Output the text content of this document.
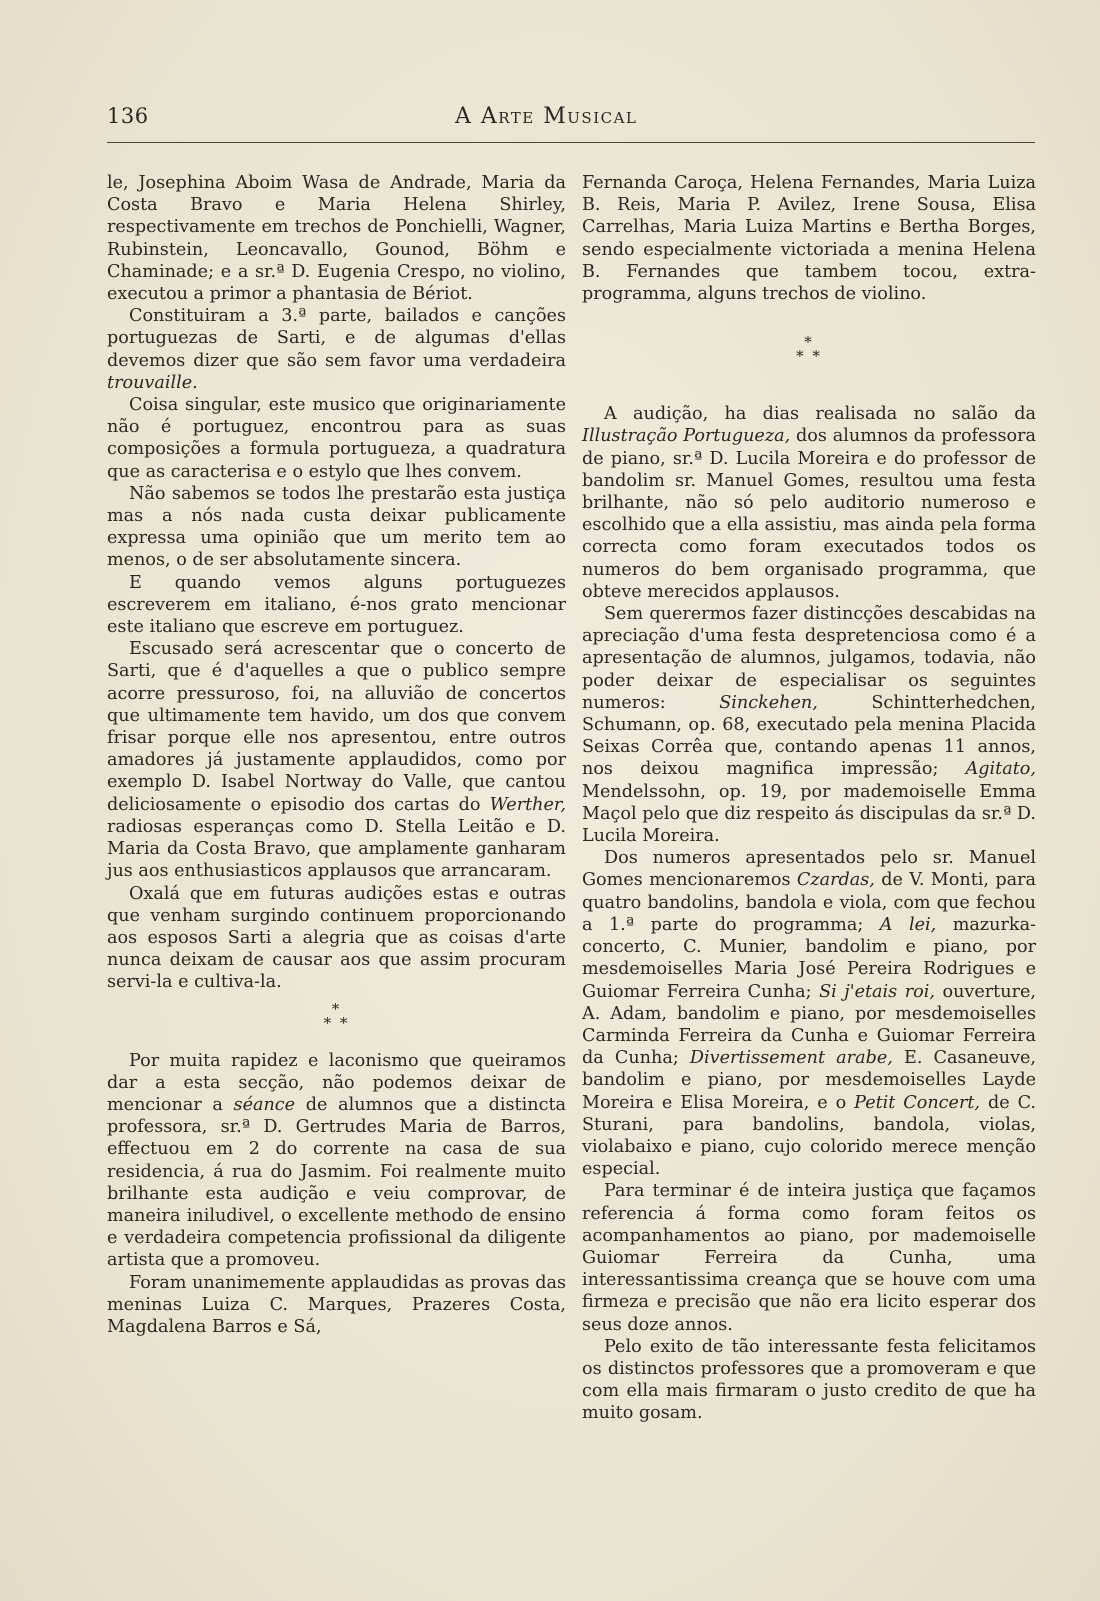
136	A Arte Musical

le, Josephina Aboim Wasa de Andrade, Maria da Costa Bravo e Maria Helena Shirley, respectivamente em trechos de Ponchielli, Wagner, Rubinstein, Leoncavallo, Gounod, Böhm e Chaminade; e a sr.ª D. Eugenia Crespo, no violino, executou a primor a phantasia de Bériot.

Constituiram a 3.ª parte, bailados e canções portuguezas de Sarti, e de algumas d'ellas devemos dizer que são sem favor uma verdadeira trouvaille.

Coisa singular, este musico que originariamente não é portuguez, encontrou para as suas composições a formula portugueza, a quadratura que as caracterisa e o estylo que lhes convem.

Não sabemos se todos lhe prestarão esta justiça mas a nós nada custa deixar publicamente expressa uma opinião que um merito tem ao menos, o de ser absolutamente sincera.

E quando vemos alguns portuguezes escreverem em italiano, é-nos grato mencionar este italiano que escreve em portuguez.

Escusado será acrescentar que o concerto de Sarti, que é d'aquelles a que o publico sempre acorre pressuroso, foi, na alluvião de concertos que ultimamente tem havido, um dos que convem frisar porque elle nos apresentou, entre outros amadores já justamente applaudidos, como por exemplo D. Isabel Nortway do Valle, que cantou deliciosamente o episodio dos cartas do Werther, radiosas esperanças como D. Stella Leitão e D. Maria da Costa Bravo, que amplamente ganharam jus aos enthusiasticos applausos que arrancaram.

Oxalá que em futuras audições estas e outras que venham surgindo continuem proporcionando aos esposos Sarti a alegria que as coisas d'arte nunca deixam de causar aos que assim procuram servi-la e cultiva-la.

*
* *

Por muita rapidez e laconismo que queiramos dar a esta secção, não podemos deixar de mencionar a séance de alumnos que a distincta professora, sr.ª D. Gertrudes Maria de Barros, effectuou em 2 do corrente na casa de sua residencia, á rua do Jasmim. Foi realmente muito brilhante esta audição e veiu comprovar, de maneira iniludivel, o excellente methodo de ensino e verdadeira competencia profissional da diligente artista que a promoveu.

Foram unanimemente applaudidas as provas das meninas Luiza C. Marques, Prazeres Costa, Magdalena Barros e Sá,

Fernanda Caroça, Helena Fernandes, Maria Luiza B. Reis, Maria P. Avilez, Irene Sousa, Elisa Carrelhas, Maria Luiza Martins e Bertha Borges, sendo especialmente victoriada a menina Helena B. Fernandes que tambem tocou, extra-programma, alguns trechos de violino.

*
* *

A audição, ha dias realisada no salão da Illustração Portugueza, dos alumnos da professora de piano, sr.ª D. Lucila Moreira e do professor de bandolim sr. Manuel Gomes, resultou uma festa brilhante, não só pelo auditorio numeroso e escolhido que a ella assistiu, mas ainda pela forma correcta como foram executados todos os numeros do bem organisado programma, que obteve merecidos applausos.

Sem querermos fazer distincções descabidas na apreciação d'uma festa despretenciosa como é a apresentação de alumnos, julgamos, todavia, não poder deixar de especialisar os seguintes numeros: Sinckehen, Schintterhedchen, Schumann, op. 68, executado pela menina Placida Seixas Corrêa que, contando apenas 11 annos, nos deixou magnifica impressão; Agitato, Mendelssohn, op. 19, por mademoiselle Emma Maçol pelo que diz respeito ás discipulas da sr.ª D. Lucila Moreira.

Dos numeros apresentados pelo sr. Manuel Gomes mencionaremos Czardas, de V. Monti, para quatro bandolins, bandola e viola, com que fechou a 1.ª parte do programma; A lei, mazurka-concerto, C. Munier, bandolim e piano, por mesdemoiselles Maria José Pereira Rodrigues e Guiomar Ferreira Cunha; Si j'etais roi, ouverture, A. Adam, bandolim e piano, por mesdemoiselles Carminda Ferreira da Cunha e Guiomar Ferreira da Cunha; Divertissement arabe, E. Casaneuve, bandolim e piano, por mesdemoiselles Layde Moreira e Elisa Moreira, e o Petit Concert, de C. Sturani, para bandolins, bandola, violas, violabaixo e piano, cujo colorido merece menção especial.

Para terminar é de inteira justiça que façamos referencia á forma como foram feitos os acompanhamentos ao piano, por mademoiselle Guiomar Ferreira da Cunha, uma interessantissima creança que se houve com uma firmeza e precisão que não era licito esperar dos seus doze annos.

Pelo exito de tão interessante festa felicitamos os distinctos professores que a promoveram e que com ella mais firmaram o justo credito de que ha muito gosam.
